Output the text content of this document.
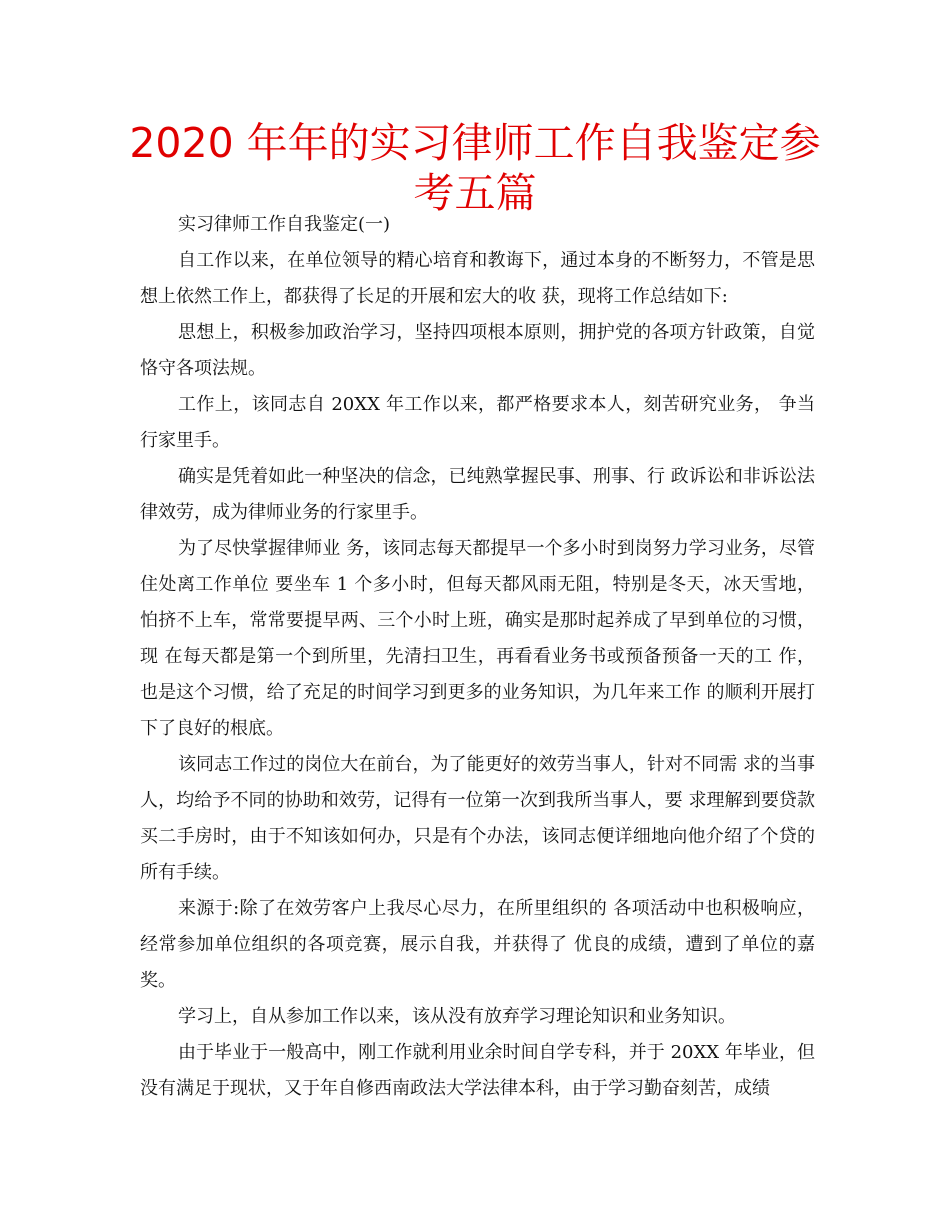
2020 年年的实习律师工作自我鉴定参考五篇

实习律师工作自我鉴定(一)

自工作以来，在单位领导的精心培育和教诲下，通过本身的不断努力，不管是思想上依然工作上，都获得了长足的开展和宏大的收 获，现将工作总结如下:

思想上，积极参加政治学习，坚持四项根本原则，拥护党的各项方针政策，自觉恪守各项法规。

工作上，该同志自 20XX 年工作以来，都严格要求本人，刻苦研究业务， 争当行家里手。

确实是凭着如此一种坚决的信念，已纯熟掌握民事、刑事、行 政诉讼和非诉讼法律效劳，成为律师业务的行家里手。

为了尽快掌握律师业 务，该同志每天都提早一个多小时到岗努力学习业务，尽管住处离工作单位 要坐车 1 个多小时，但每天都风雨无阻，特别是冬天，冰天雪地，怕挤不上车，常常要提早两、三个小时上班，确实是那时起养成了早到单位的习惯，现 在每天都是第一个到所里，先清扫卫生，再看看业务书或预备预备一天的工 作，也是这个习惯，给了充足的时间学习到更多的业务知识，为几年来工作 的顺利开展打下了良好的根底。

该同志工作过的岗位大在前台，为了能更好的效劳当事人，针对不同需 求的当事人，均给予不同的协助和效劳，记得有一位第一次到我所当事人，要 求理解到要贷款买二手房时，由于不知该如何办，只是有个办法，该同志便详细地向他介绍了个贷的所有手续。

来源于:除了在效劳客户上我尽心尽力，在所里组织的 各项活动中也积极响应，经常参加单位组织的各项竞赛，展示自我，并获得了 优良的成绩，遭到了单位的嘉奖。

学习上，自从参加工作以来，该从没有放弃学习理论知识和业务知识。

由于毕业于一般高中，刚工作就利用业余时间自学专科，并于 20XX 年毕业，但没有满足于现状，又于年自修西南政法大学法律本科，由于学习勤奋刻苦，成绩
